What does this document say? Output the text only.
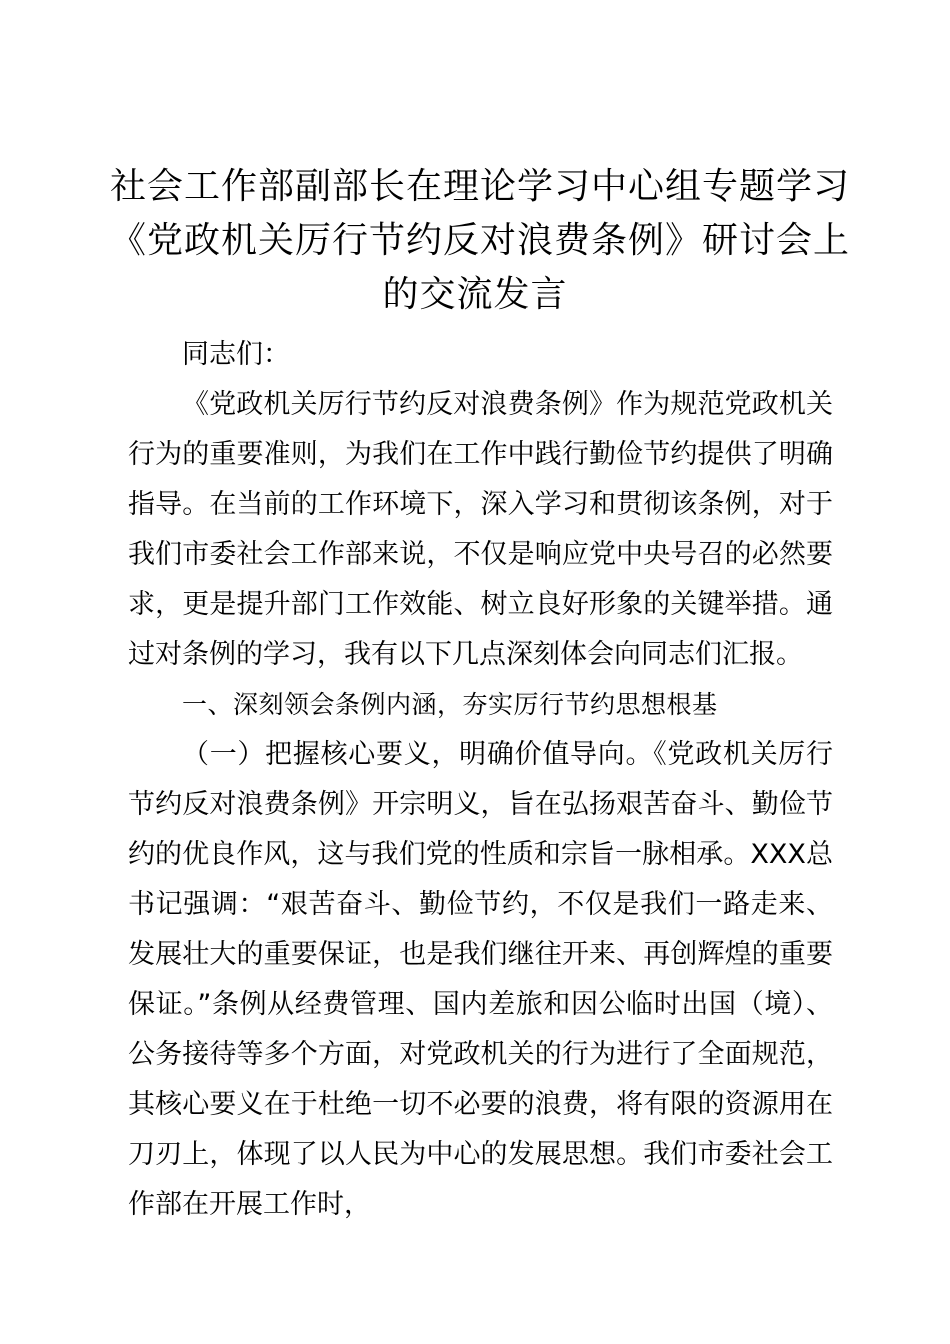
社会工作部副部长在理论学习中心组专题学习
《党政机关厉行节约反对浪费条例》研讨会上
的交流发言

同志们：

《党政机关厉行节约反对浪费条例》作为规范党政机关行为的重要准则，为我们在工作中践行勤俭节约提供了明确指导。在当前的工作环境下，深入学习和贯彻该条例，对于我们市委社会工作部来说，不仅是响应党中央号召的必然要求，更是提升部门工作效能、树立良好形象的关键举措。通过对条例的学习，我有以下几点深刻体会向同志们汇报。

一、深刻领会条例内涵，夯实厉行节约思想根基

（一）把握核心要义，明确价值导向。《党政机关厉行节约反对浪费条例》开宗明义，旨在弘扬艰苦奋斗、勤俭节约的优良作风，这与我们党的性质和宗旨一脉相承。XXX总书记强调：“艰苦奋斗、勤俭节约，不仅是我们一路走来、发展壮大的重要保证，也是我们继往开来、再创辉煌的重要保证。”条例从经费管理、国内差旅和因公临时出国（境）、公务接待等多个方面，对党政机关的行为进行了全面规范，其核心要义在于杜绝一切不必要的浪费，将有限的资源用在刀刃上，体现了以人民为中心的发展思想。我们市委社会工作部在开展工作时，
